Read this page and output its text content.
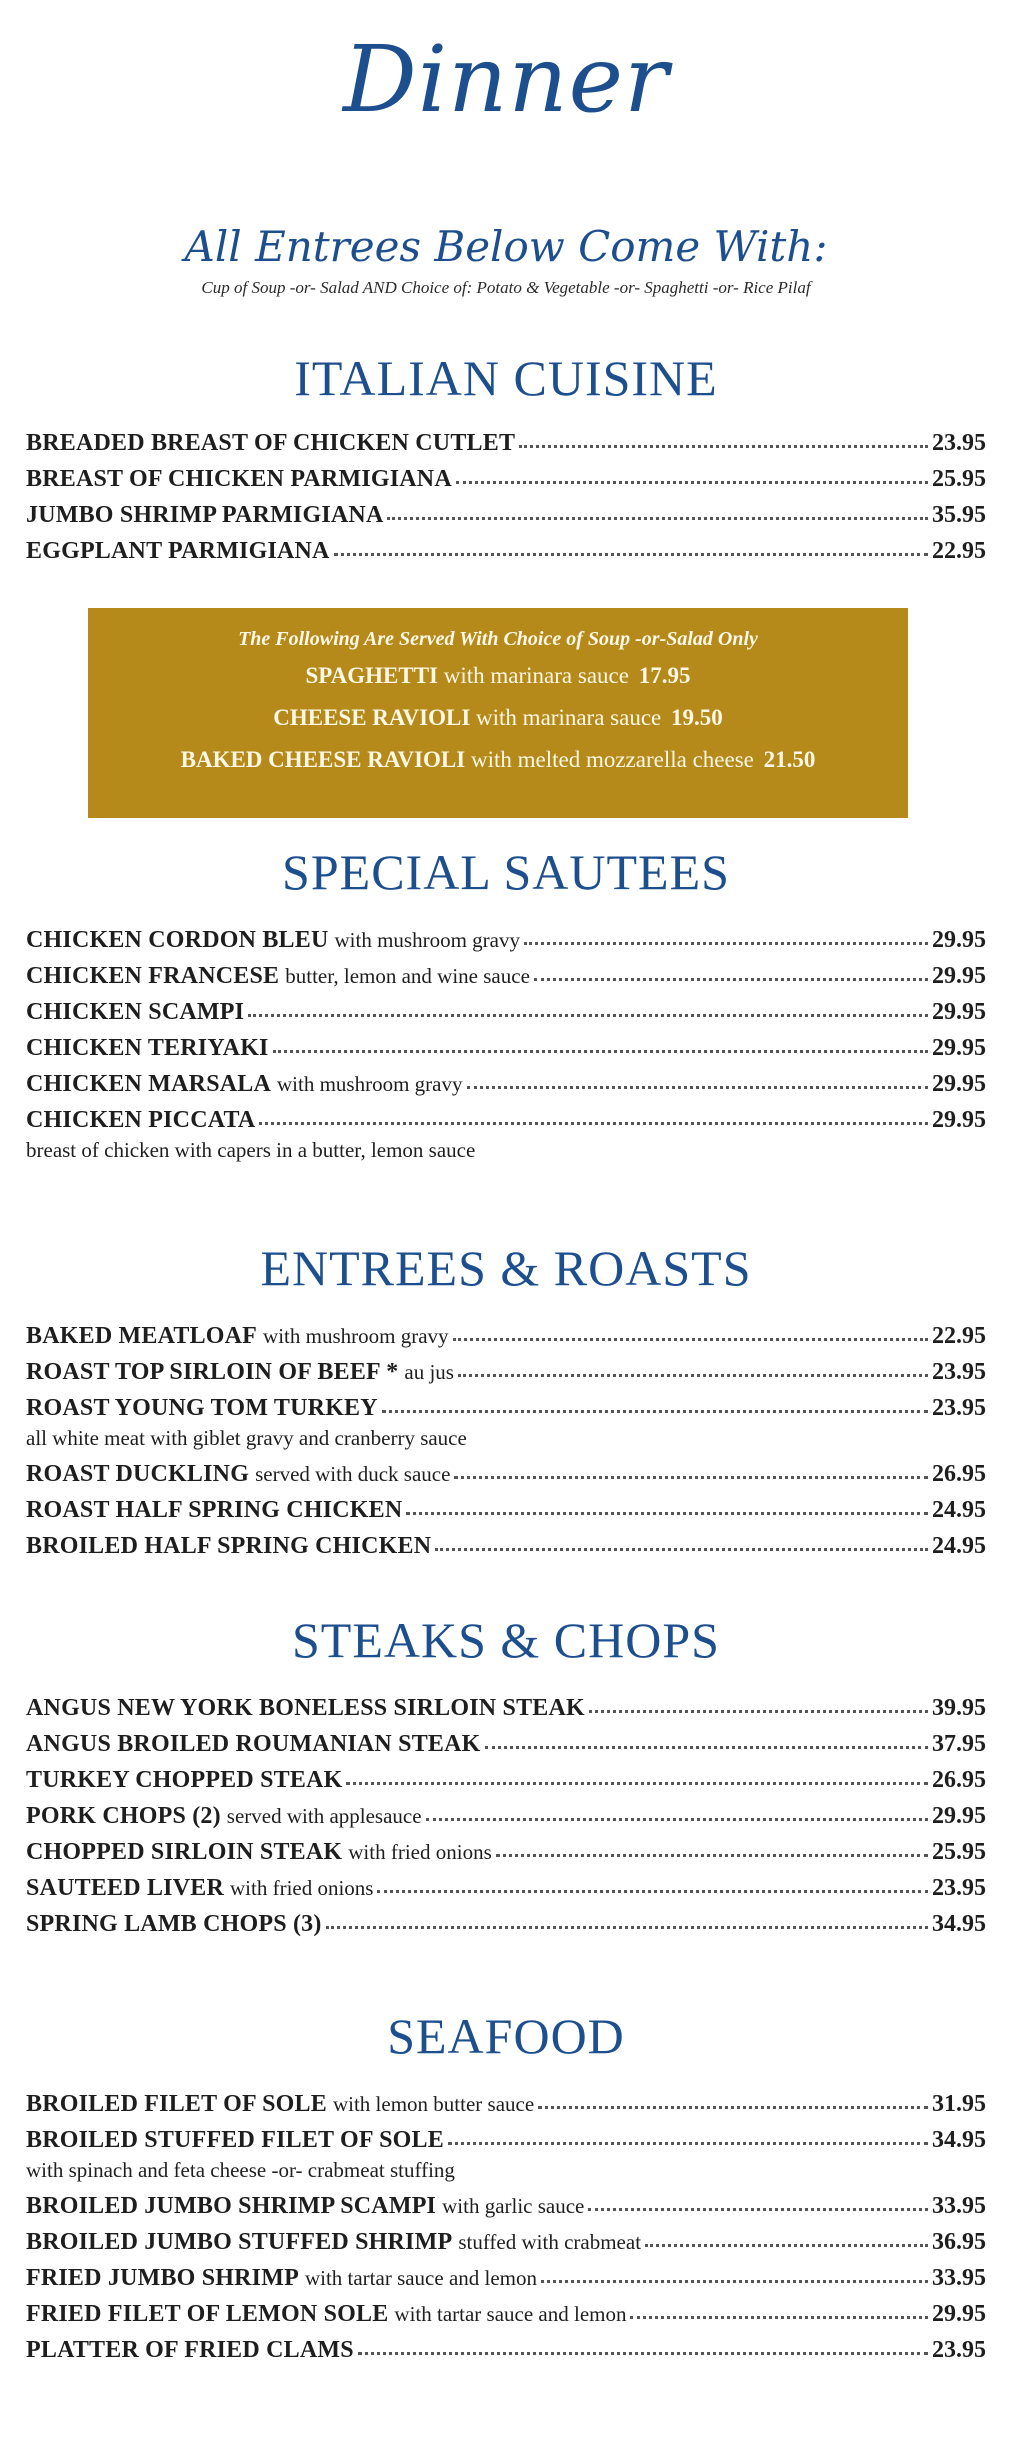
Dinner
All Entrees Below Come With:
Cup of Soup -or- Salad AND Choice of: Potato & Vegetable -or- Spaghetti -or- Rice Pilaf
ITALIAN CUISINE
BREADED BREAST OF CHICKEN CUTLET	23.95
BREAST OF CHICKEN PARMIGIANA	25.95
JUMBO SHRIMP PARMIGIANA	35.95
EGGPLANT PARMIGIANA	22.95
The Following Are Served With Choice of Soup -or-Salad Only
SPAGHETTI with marinara sauce 17.95
CHEESE RAVIOLI with marinara sauce 19.50
BAKED CHEESE RAVIOLI with melted mozzarella cheese 21.50
SPECIAL SAUTEES
CHICKEN CORDON BLEU with mushroom gravy	29.95
CHICKEN FRANCESE butter, lemon and wine sauce	29.95
CHICKEN SCAMPI	29.95
CHICKEN TERIYAKI	29.95
CHICKEN MARSALA with mushroom gravy	29.95
CHICKEN PICCATA	29.95
breast of chicken with capers in a butter, lemon sauce
ENTREES & ROASTS
BAKED MEATLOAF with mushroom gravy	22.95
ROAST TOP SIRLOIN OF BEEF * au jus	23.95
ROAST YOUNG TOM TURKEY	23.95
all white meat with giblet gravy and cranberry sauce
ROAST DUCKLING served with duck sauce	26.95
ROAST HALF SPRING CHICKEN	24.95
BROILED HALF SPRING CHICKEN	24.95
STEAKS & CHOPS
ANGUS NEW YORK BONELESS SIRLOIN STEAK	39.95
ANGUS BROILED ROUMANIAN STEAK	37.95
TURKEY CHOPPED STEAK	26.95
PORK CHOPS (2) served with applesauce	29.95
CHOPPED SIRLOIN STEAK with fried onions	25.95
SAUTEED LIVER with fried onions	23.95
SPRING LAMB CHOPS (3)	34.95
SEAFOOD
BROILED FILET OF SOLE with lemon butter sauce	31.95
BROILED STUFFED FILET OF SOLE	34.95
with spinach and feta cheese -or- crabmeat stuffing
BROILED JUMBO SHRIMP SCAMPI with garlic sauce	33.95
BROILED JUMBO STUFFED SHRIMP stuffed with crabmeat	36.95
FRIED JUMBO SHRIMP with tartar sauce and lemon	33.95
FRIED FILET OF LEMON SOLE with tartar sauce and lemon	29.95
PLATTER OF FRIED CLAMS	23.95
